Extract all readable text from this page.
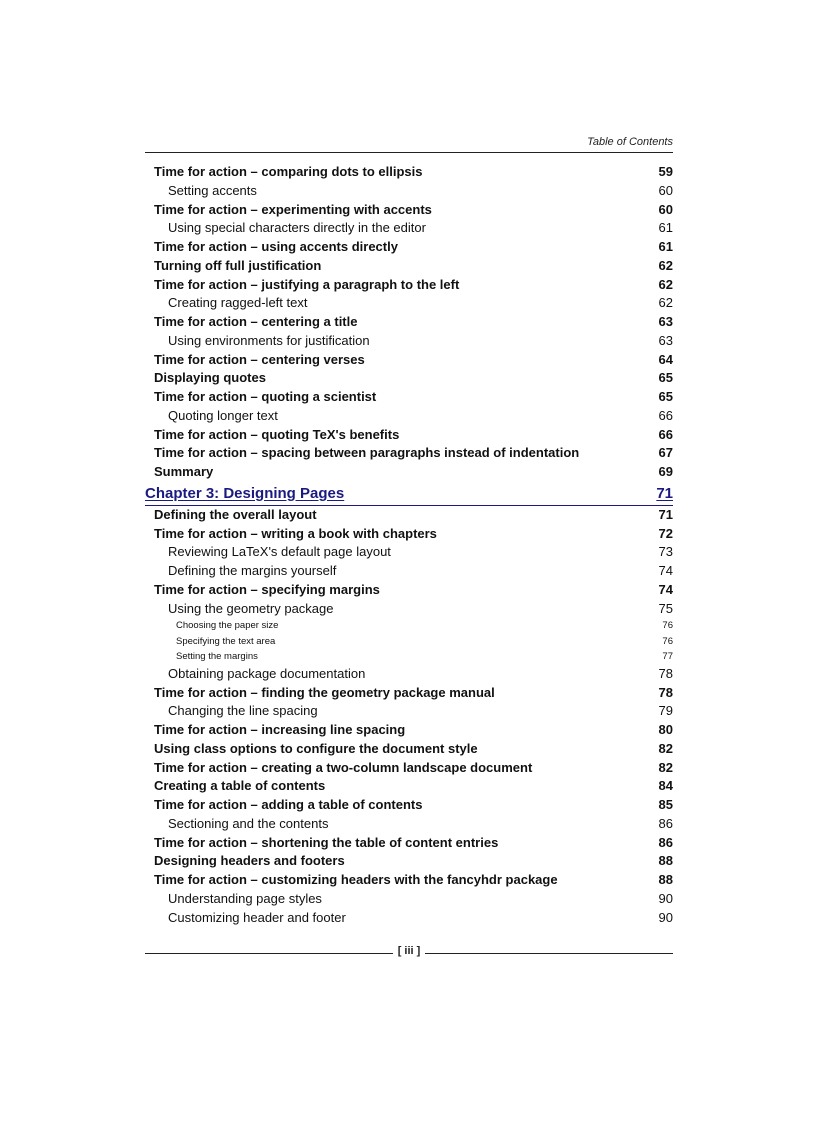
Table of Contents
Time for action – comparing dots to ellipsis	59
Setting accents	60
Time for action – experimenting with accents	60
Using special characters directly in the editor	61
Time for action – using accents directly	61
Turning off full justification	62
Time for action – justifying a paragraph to the left	62
Creating ragged-left text	62
Time for action – centering a title	63
Using environments for justification	63
Time for action – centering verses	64
Displaying quotes	65
Time for action – quoting a scientist	65
Quoting longer text	66
Time for action – quoting TeX's benefits	66
Time for action – spacing between paragraphs instead of indentation	67
Summary	69
Chapter 3: Designing Pages	71
Defining the overall layout	71
Time for action – writing a book with chapters	72
Reviewing LaTeX's default page layout	73
Defining the margins yourself	74
Time for action – specifying margins	74
Using the geometry package	75
Choosing the paper size	76
Specifying the text area	76
Setting the margins	77
Obtaining package documentation	78
Time for action – finding the geometry package manual	78
Changing the line spacing	79
Time for action – increasing line spacing	80
Using class options to configure the document style	82
Time for action – creating a two-column landscape document	82
Creating a table of contents	84
Time for action – adding a table of contents	85
Sectioning and the contents	86
Time for action – shortening the table of content entries	86
Designing headers and footers	88
Time for action – customizing headers with the fancyhdr package	88
Understanding page styles	90
Customizing header and footer	90
[ iii ]
